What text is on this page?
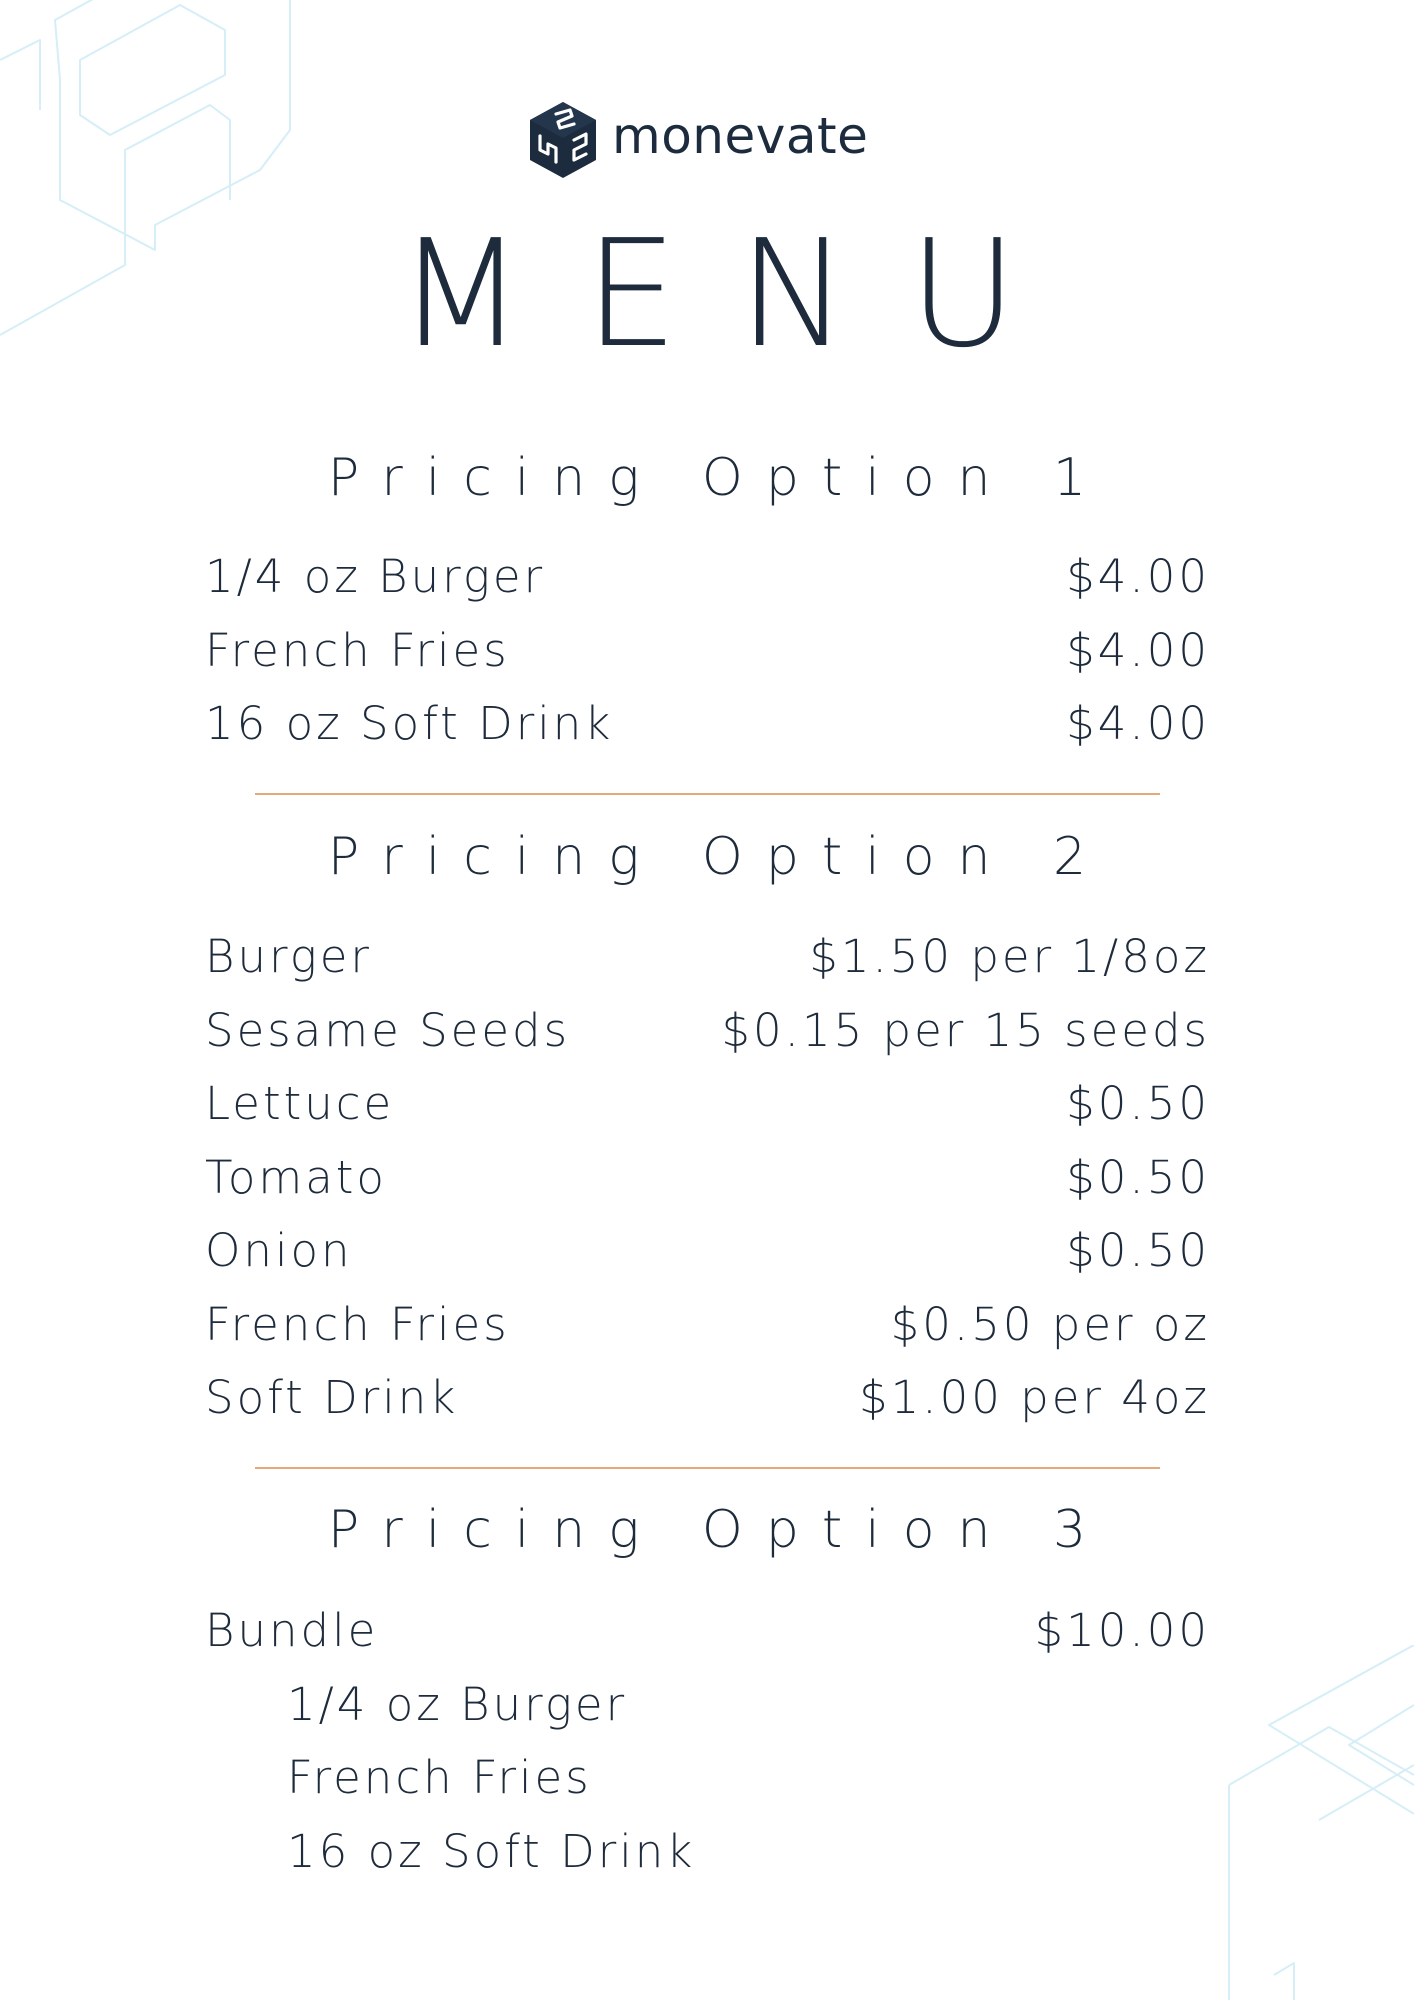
monevate
MENU
Pricing Option 1
1/4 oz Burger	$4.00
French Fries	$4.00
16 oz Soft Drink	$4.00
Pricing Option 2
Burger	$1.50 per 1/8oz
Sesame Seeds	$0.15 per 15 seeds
Lettuce	$0.50
Tomato	$0.50
Onion	$0.50
French Fries	$0.50 per oz
Soft Drink	$1.00 per 4oz
Pricing Option 3
Bundle	$10.00
1/4 oz Burger
French Fries
16 oz Soft Drink
